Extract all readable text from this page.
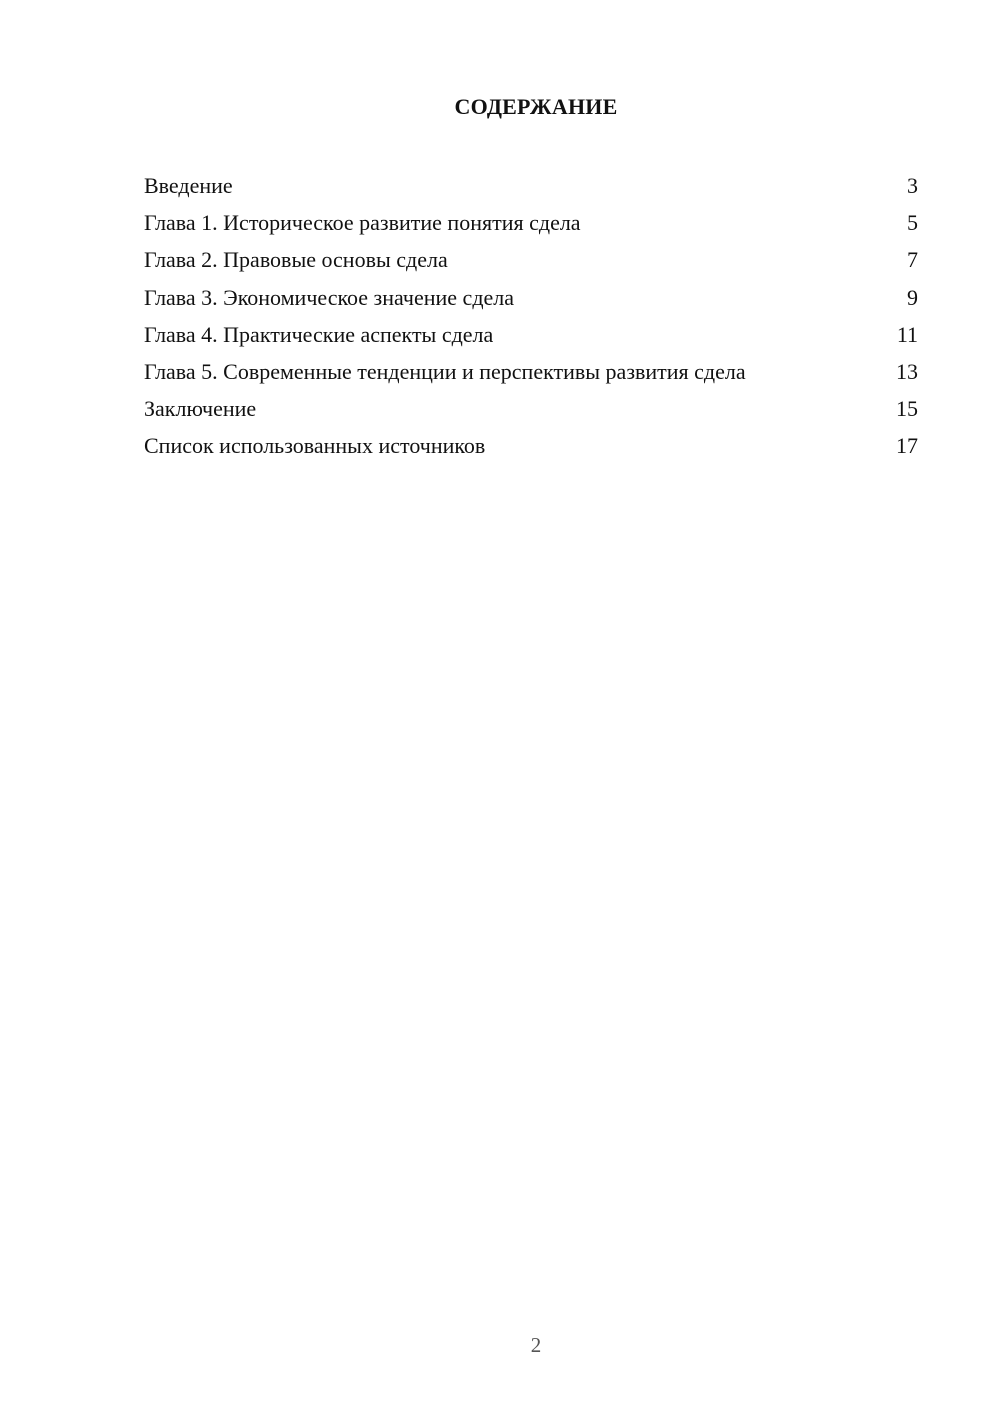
СОДЕРЖАНИЕ
Введение	3
Глава 1. Историческое развитие понятия сдела	5
Глава 2. Правовые основы сдела	7
Глава 3. Экономическое значение сдела	9
Глава 4. Практические аспекты сдела	11
Глава 5. Современные тенденции и перспективы развития сдела	13
Заключение	15
Список использованных источников	17
2
